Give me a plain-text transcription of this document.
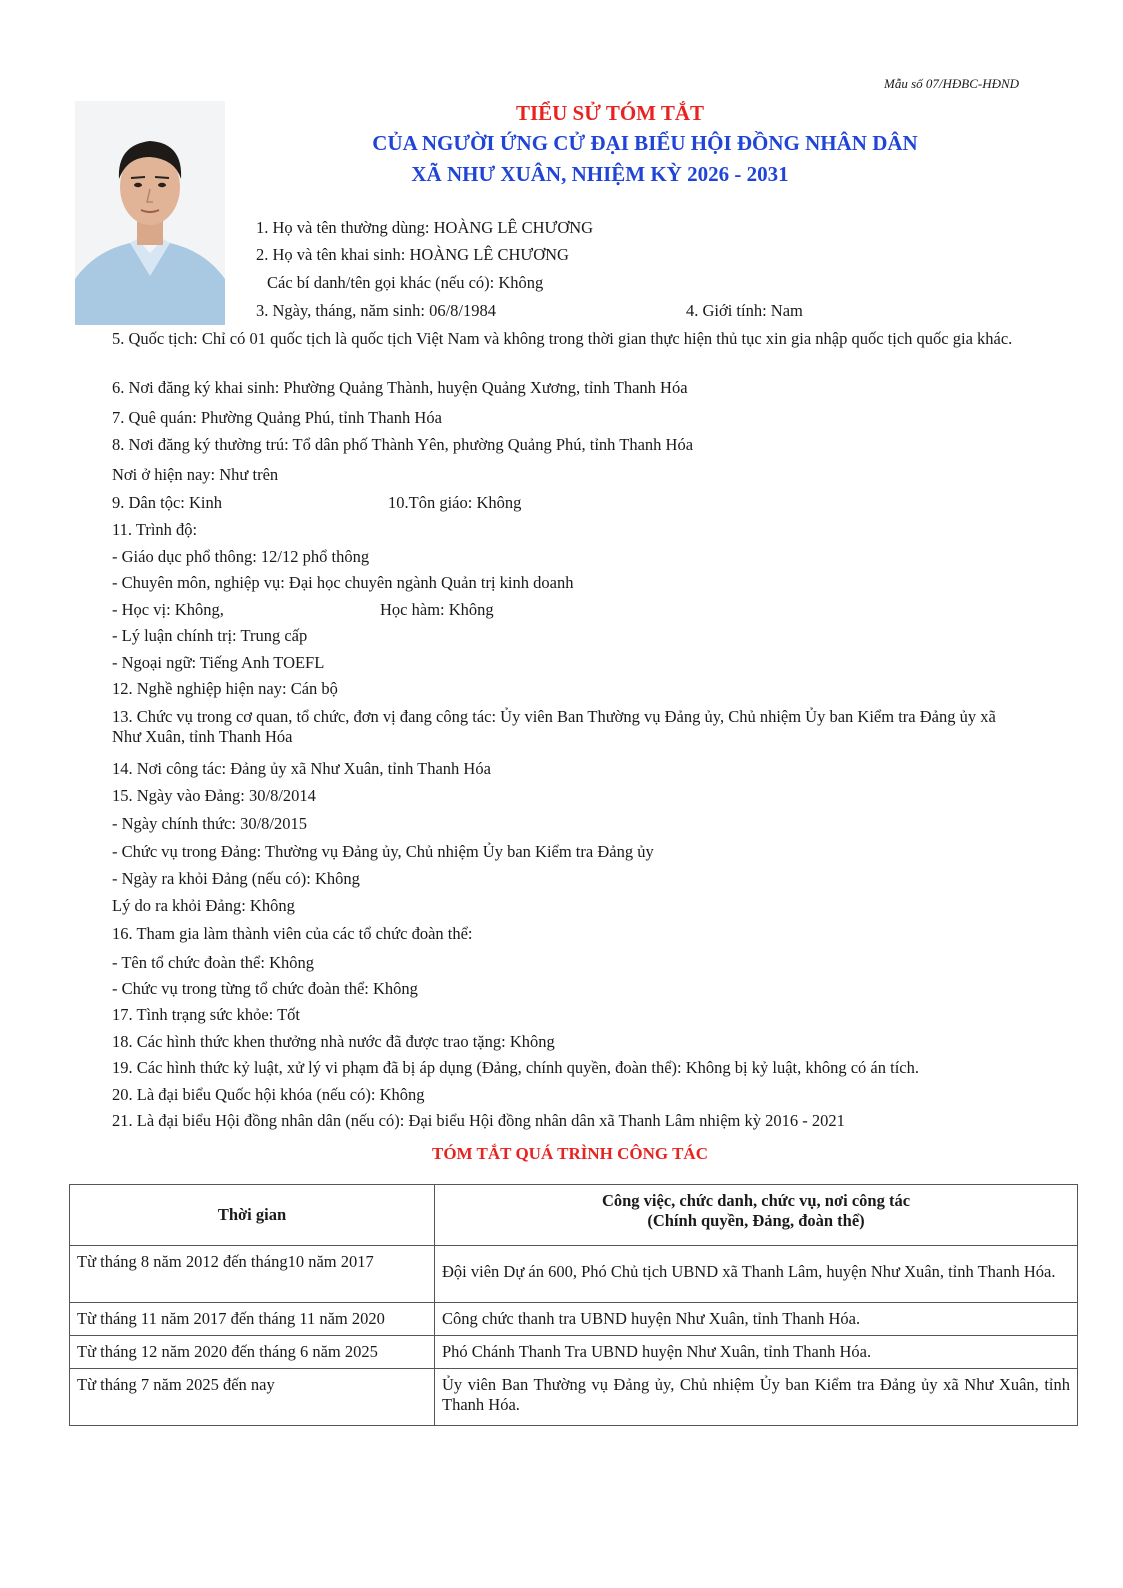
Mẫu số 07/HĐBC-HĐND
TIỂU SỬ TÓM TẮT
CỦA NGƯỜI ỨNG CỬ ĐẠI BIỂU HỘI ĐỒNG NHÂN DÂN
XÃ NHƯ XUÂN, NHIỆM KỲ 2026 - 2031
1. Họ và tên thường dùng: HOÀNG LÊ CHƯƠNG
2. Họ và tên khai sinh: HOÀNG LÊ CHƯƠNG
Các bí danh/tên gọi khác (nếu có): Không
3. Ngày, tháng, năm sinh: 06/8/1984	4. Giới tính: Nam
5. Quốc tịch: Chỉ có 01 quốc tịch là quốc tịch Việt Nam và không trong thời gian thực hiện thủ tục xin gia nhập quốc tịch quốc gia khác.
6. Nơi đăng ký khai sinh: Phường Quảng Thành, huyện Quảng Xương, tỉnh Thanh Hóa
7. Quê quán: Phường Quảng Phú, tỉnh Thanh Hóa
8. Nơi đăng ký thường trú: Tổ dân phố Thành Yên, phường Quảng Phú, tỉnh Thanh Hóa
Nơi ở hiện nay: Như trên
9. Dân tộc: Kinh	10.Tôn giáo: Không
11. Trình độ:
- Giáo dục phổ thông: 12/12 phổ thông
- Chuyên môn, nghiệp vụ: Đại học chuyên ngành Quản trị kinh doanh
- Học vị: Không,	Học hàm: Không
- Lý luận chính trị: Trung cấp
- Ngoại ngữ: Tiếng Anh TOEFL
12. Nghề nghiệp hiện nay: Cán bộ
13. Chức vụ trong cơ quan, tổ chức, đơn vị đang công tác: Ủy viên Ban Thường vụ Đảng ủy, Chủ nhiệm Ủy ban Kiểm tra Đảng ủy xã Như Xuân, tỉnh Thanh Hóa
14. Nơi công tác: Đảng ủy xã Như Xuân, tỉnh Thanh Hóa
15. Ngày vào Đảng: 30/8/2014
- Ngày chính thức: 30/8/2015
- Chức vụ trong Đảng: Thường vụ Đảng ủy, Chủ nhiệm Ủy ban Kiểm tra Đảng ủy
- Ngày ra khỏi Đảng (nếu có): Không
Lý do ra khỏi Đảng: Không
16. Tham gia làm thành viên của các tổ chức đoàn thể:
- Tên tổ chức đoàn thể: Không
- Chức vụ trong từng tổ chức đoàn thể: Không
17. Tình trạng sức khỏe: Tốt
18. Các hình thức khen thưởng nhà nước đã được trao tặng: Không
19. Các hình thức kỷ luật, xử lý vi phạm đã bị áp dụng (Đảng, chính quyền, đoàn thể): Không bị kỷ luật, không có án tích.
20. Là đại biểu Quốc hội khóa (nếu có): Không
21. Là đại biểu Hội đồng nhân dân (nếu có): Đại biểu Hội đồng nhân dân xã Thanh Lâm nhiệm kỳ 2016 - 2021
TÓM TẮT QUÁ TRÌNH CÔNG TÁC
Thời gian	Công việc, chức danh, chức vụ, nơi công tác
(Chính quyền, Đảng, đoàn thể)

Từ tháng 8 năm 2012 đến tháng10 năm 2017	Đội viên Dự án 600, Phó Chủ tịch UBND xã Thanh Lâm, huyện Như Xuân, tỉnh Thanh Hóa.
Từ tháng 11 năm 2017 đến tháng 11 năm 2020	Công chức thanh tra UBND huyện Như Xuân, tỉnh Thanh Hóa.
Từ tháng 12 năm 2020 đến tháng 6 năm 2025	Phó Chánh Thanh Tra UBND huyện Như Xuân, tỉnh Thanh Hóa.
Từ tháng 7 năm 2025 đến nay	Ủy viên Ban Thường vụ Đảng ủy, Chủ nhiệm Ủy ban Kiểm tra Đảng ủy xã Như Xuân, tỉnh Thanh Hóa.
